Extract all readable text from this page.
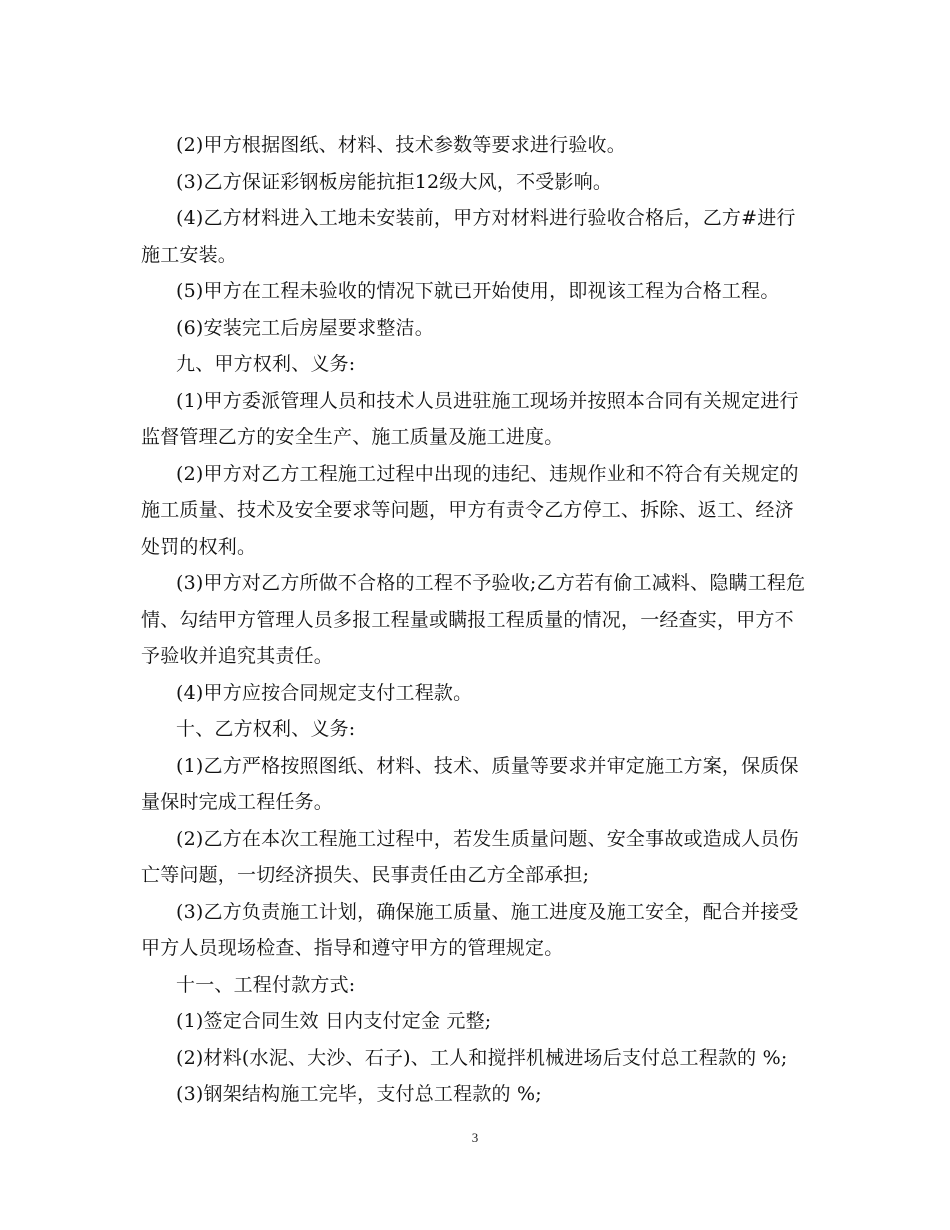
(2)甲方根据图纸、材料、技术参数等要求进行验收。

(3)乙方保证彩钢板房能抗拒12级大风，不受影响。

(4)乙方材料进入工地未安装前，甲方对材料进行验收合格后，乙方#进行施工安装。

(5)甲方在工程未验收的情况下就已开始使用，即视该工程为合格工程。

(6)安装完工后房屋要求整洁。

九、甲方权利、义务:

(1)甲方委派管理人员和技术人员进驻施工现场并按照本合同有关规定进行监督管理乙方的安全生产、施工质量及施工进度。

(2)甲方对乙方工程施工过程中出现的违纪、违规作业和不符合有关规定的施工质量、技术及安全要求等问题，甲方有责令乙方停工、拆除、返工、经济处罚的权利。

(3)甲方对乙方所做不合格的工程不予验收;乙方若有偷工减料、隐瞒工程危情、勾结甲方管理人员多报工程量或瞒报工程质量的情况，一经查实，甲方不予验收并追究其责任。

(4)甲方应按合同规定支付工程款。

十、乙方权利、义务:

(1)乙方严格按照图纸、材料、技术、质量等要求并审定施工方案，保质保量保时完成工程任务。

(2)乙方在本次工程施工过程中，若发生质量问题、安全事故或造成人员伤亡等问题，一切经济损失、民事责任由乙方全部承担;

(3)乙方负责施工计划，确保施工质量、施工进度及施工安全，配合并接受甲方人员现场检查、指导和遵守甲方的管理规定。

十一、工程付款方式:

(1)签定合同生效 日内支付定金 元整;

(2)材料(水泥、大沙、石子)、工人和搅拌机械进场后支付总工程款的 %;

(3)钢架结构施工完毕，支付总工程款的 %;

3
